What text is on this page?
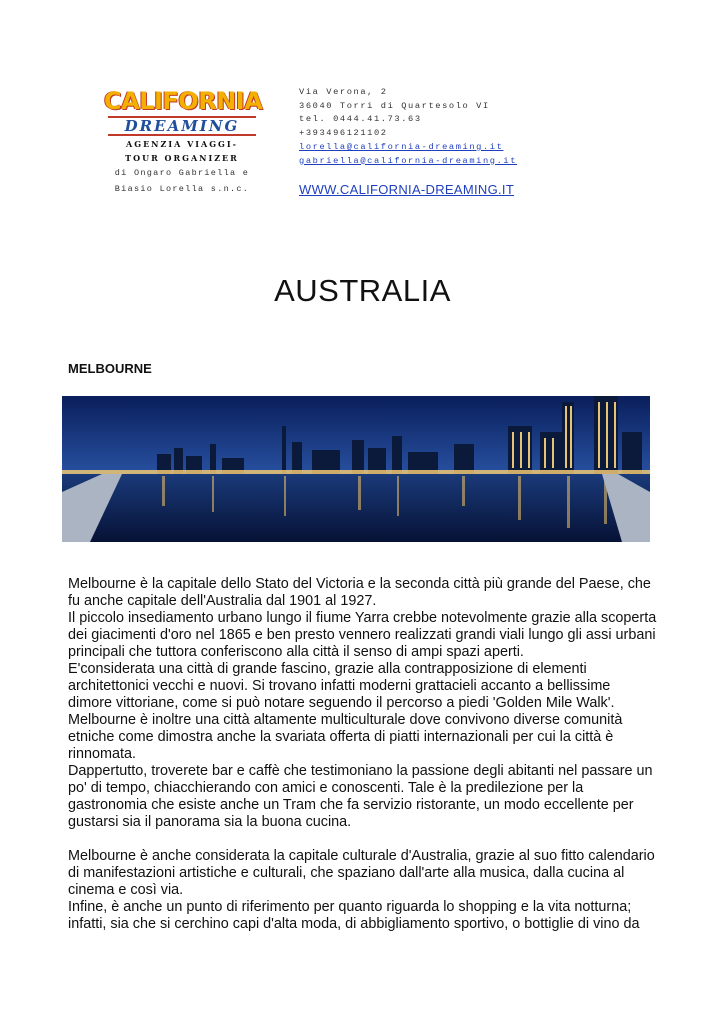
CALIFORNIA
DREAMING
AGENZIA VIAGGI-
TOUR ORGANIZER
di Ongaro Gabriella e
Biasio Lorella s.n.c.
Via Verona, 2
36040 Torri di Quartesolo VI
tel. 0444.41.73.63
+393496121102
lorella@california-dreaming.it
gabriella@california-dreaming.it
WWW.CALIFORNIA-DREAMING.IT
AUSTRALIA
MELBOURNE

Melbourne è la capitale dello Stato del Victoria e la seconda città più grande del Paese, che fu anche capitale dell'Australia dal 1901 al 1927.

Il piccolo insediamento urbano lungo il fiume Yarra crebbe notevolmente grazie alla scoperta dei giacimenti d'oro nel 1865 e ben presto vennero realizzati grandi viali lungo gli assi urbani principali che tuttora conferiscono alla città il senso di ampi spazi aperti.

E'considerata una città di grande fascino, grazie alla contrapposizione di elementi architettonici vecchi e nuovi. Si trovano infatti moderni grattacieli accanto a bellissime dimore vittoriane, come si può notare seguendo il percorso a piedi 'Golden Mile Walk'.

Melbourne è inoltre una città altamente multiculturale dove convivono diverse comunità etniche come dimostra anche la svariata offerta di piatti internazionali per cui la città è rinnomata.

Dappertutto, troverete bar e caffè che testimoniano la passione degli abitanti nel passare un po' di tempo, chiacchierando con amici e conoscenti. Tale è la predilezione per la gastronomia che esiste anche un Tram che fa servizio ristorante, un modo eccellente per gustarsi sia il panorama sia la buona cucina.

Melbourne è anche considerata la capitale culturale d'Australia, grazie al suo fitto calendario di manifestazioni artistiche e culturali, che spaziano dall'arte alla musica, dalla cucina al cinema e così via.

Infine, è anche un punto di riferimento per quanto riguarda lo shopping e la vita notturna; infatti, sia che si cerchino capi d'alta moda, di abbigliamento sportivo, o bottiglie di vino da
